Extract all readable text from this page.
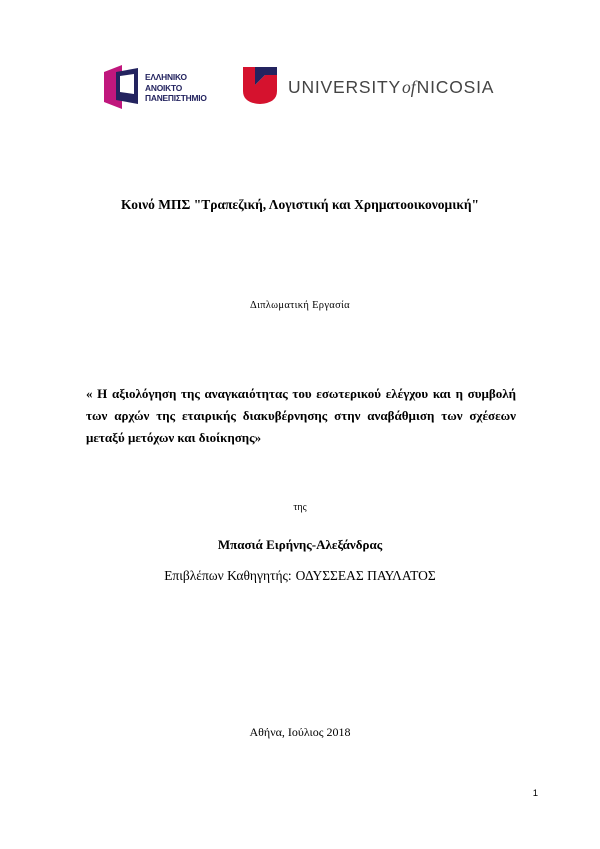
ΕΛΛΗΝΙΚΟ
ΑΝΟΙΚΤΟ
ΠΑΝΕΠΙΣΤΗΜΙΟ
UNIVERSITYofNICOSIA
Κοινό ΜΠΣ "Τραπεζική, Λογιστική και Χρηματοοικονομική"
Διπλωματική Εργασία
« Η αξιολόγηση της αναγκαιότητας του εσωτερικού ελέγχου και η συμβολή των αρχών της εταιρικής διακυβέρνησης στην αναβάθμιση των σχέσεων μεταξύ μετόχων και διοίκησης»
της
Μπασιά Ειρήνης-Αλεξάνδρας
Επιβλέπων Καθηγητής: ΟΔΥΣΣΕΑΣ ΠΑΥΛΑΤΟΣ
Αθήνα, Ιούλιος 2018
1
